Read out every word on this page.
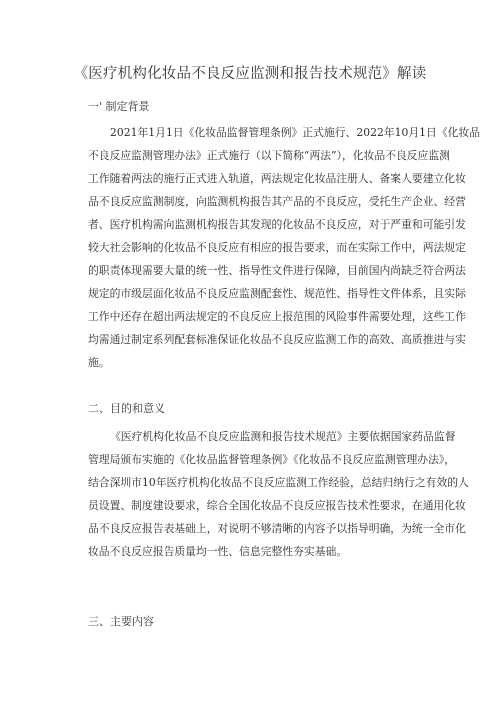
《医疗机构化妆品不良反应监测和报告技术规范》解读
一' 制定背景
2021年1月1日《化妆品监督管理条例》正式施行、2022年10月1日《化妆品
不良反应监测管理办法》正式施行（以下简称“两法”），化妆品不良反应监测
工作随着两法的施行正式进入轨道，两法规定化妆品注册人、备案人要建立化妆
品不良反应监测制度，向监测机构报告其产品的不良反应，受托生产企业、经营
者、医疗机构需向监测机构报告其发现的化妆品不良反应，对于严重和可能引发
较大社会影响的化妆品不良反应有相应的报告要求，而在实际工作中，两法规定
的职责体现需要大量的统一性、指导性文件进行保障，目前国内尚缺乏符合两法
规定的市级层面化妆品不良反应监测配套性、规范性、指导性文件体系，且实际
工作中还存在超出两法规定的不良反应上报范围的风险事件需要处理，这些工作
均需通过制定系列配套标准保证化妆品不良反应监测工作的高效、高质推进与实
施。
二、目的和意义
《医疗机构化妆品不良反应监测和报告技术规范》主要依据国家药品监督
管理局颁布实施的《化妆品监督管理条例》《化妆品不良反应监测管理办法》，
结合深圳市10年医疗机构化妆品不良反应监测工作经验，总结归纳行之有效的人
员设置、制度建设要求，综合全国化妆品不良反应报告技术性要求，在通用化妆
品不良反应报告表基础上，对说明不够清晰的内容予以指导明确，为统一全市化
妆品不良反应报告质量均一性、信息完整性夯实基础。
三、主要内容
